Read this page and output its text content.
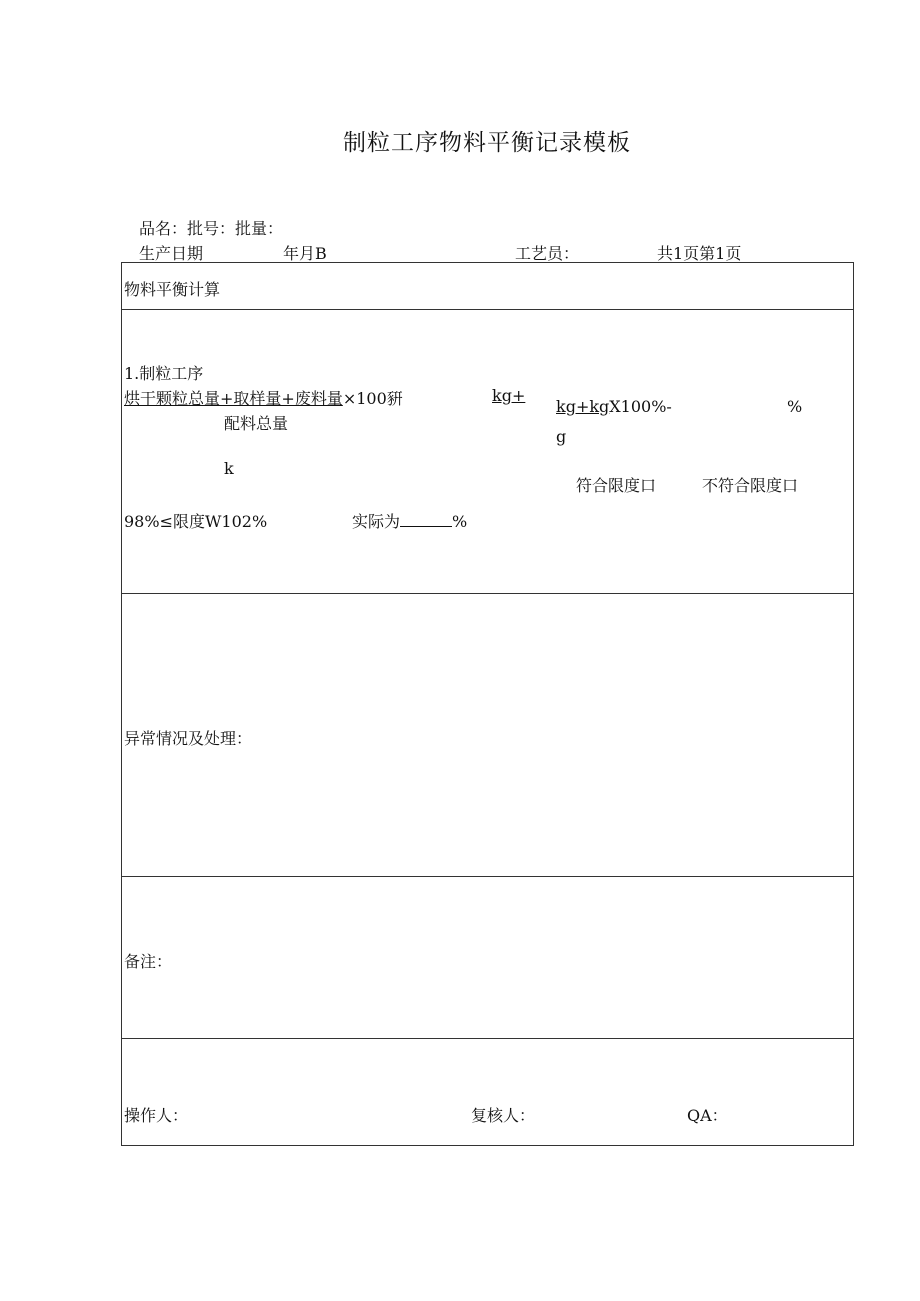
制粒工序物料平衡记录模板
品名：批号：批量：
生产日期	年月B	工艺员：	共1页第1页
物料平衡计算
1.制粒工序
烘干颗粒总量+取样量+废料量×100豣	kg+
kg+kgX100%-	%
配料总量
g
k
符合限度口	不符合限度口
98%≤限度W102%	实际为	%
异常情况及处理：
备注：
操作人：	复核人：	QA：
